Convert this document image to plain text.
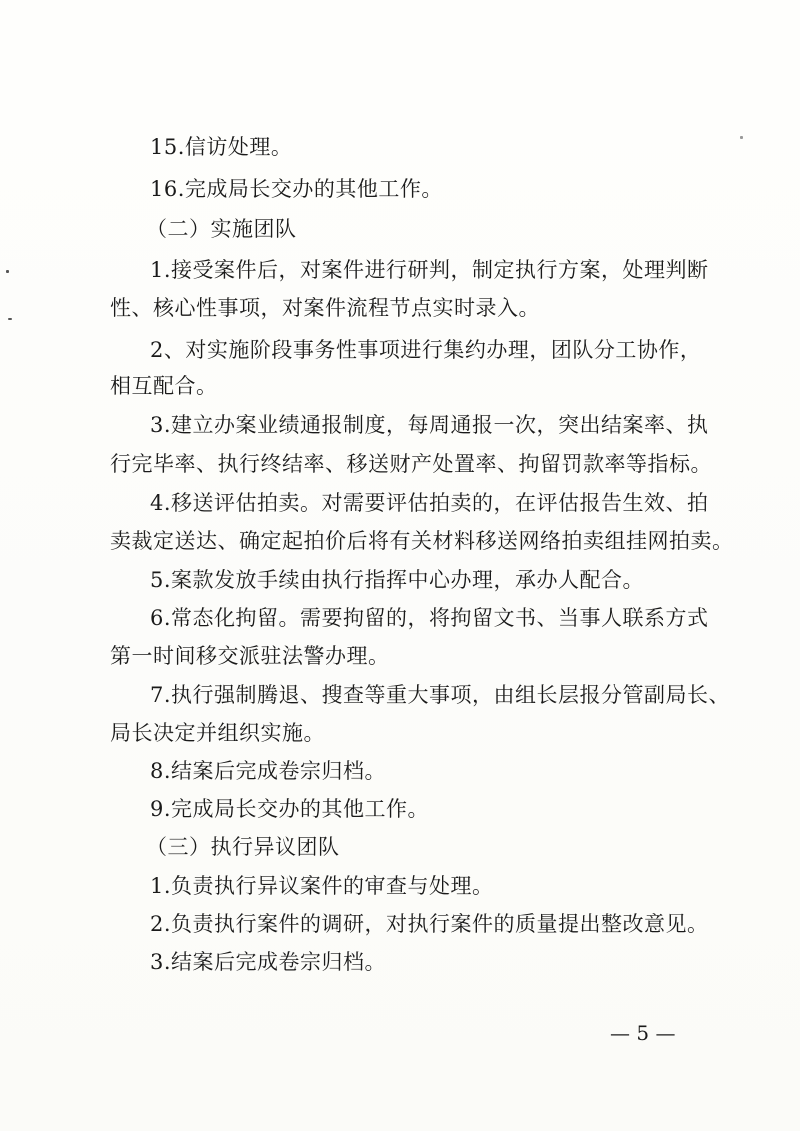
15.信访处理。
16.完成局长交办的其他工作。
（二）实施团队
1.接受案件后，对案件进行研判，制定执行方案，处理判断
性、核心性事项，对案件流程节点实时录入。
2、对实施阶段事务性事项进行集约办理，团队分工协作，
相互配合。
3.建立办案业绩通报制度，每周通报一次，突出结案率、执
行完毕率、执行终结率、移送财产处置率、拘留罚款率等指标。
4.移送评估拍卖。对需要评估拍卖的，在评估报告生效、拍
卖裁定送达、确定起拍价后将有关材料移送网络拍卖组挂网拍卖。
5.案款发放手续由执行指挥中心办理，承办人配合。
6.常态化拘留。需要拘留的，将拘留文书、当事人联系方式
第一时间移交派驻法警办理。
7.执行强制腾退、搜查等重大事项，由组长层报分管副局长、
局长决定并组织实施。
8.结案后完成卷宗归档。
9.完成局长交办的其他工作。
（三）执行异议团队
1.负责执行异议案件的审查与处理。
2.负责执行案件的调研，对执行案件的质量提出整改意见。
3.结案后完成卷宗归档。
— 5 —
